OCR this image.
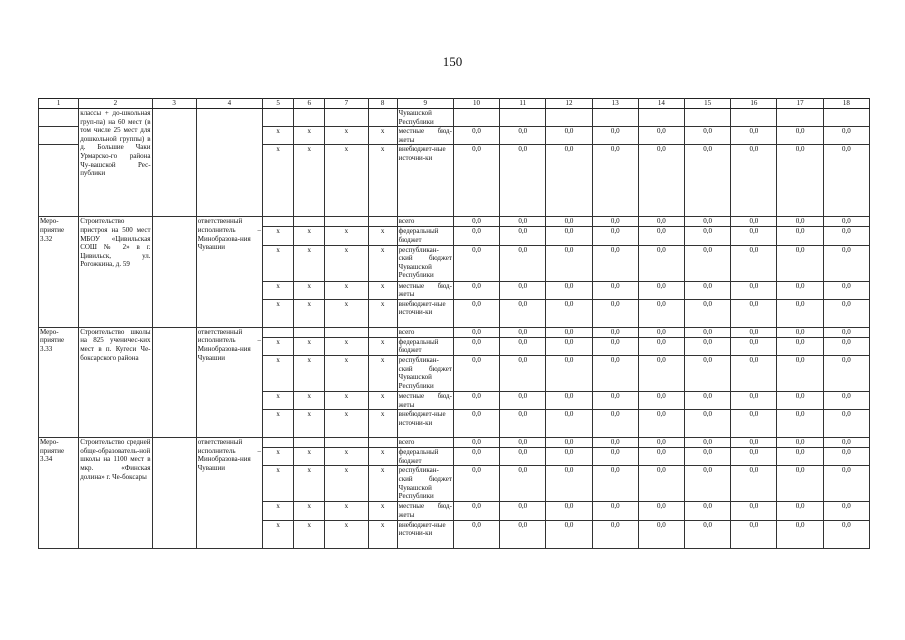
150
1	2	3	4	5	6	7	8	9	10	11	12	13	14	15	16	17	18
	классы + до-школьная груп-па) на 60 мест (в том числе 25 мест для дошкольной группы) в д. Большие Чаки Урмарско-го района Чу-вашской Рес-публики							Чувашской Республики									
				x	x	x	x	местные бюд-жеты	0,0	0,0	0,0	0,0	0,0	0,0	0,0	0,0	0,0
				x	x	x	x	внебюджет-ные источни-ки	0,0	0,0	0,0	0,0	0,0	0,0	0,0	0,0	0,0
Меро-приятие 3.32	Строительство пристроя на 500 мест МБОУ «Цивильская СОШ № 2» в г. Цивильск, ул. Рогожкина, д. 59		ответственный исполнитель – Минобразова-ния Чувашии					всего	0,0	0,0	0,0	0,0	0,0	0,0	0,0	0,0	0,0
				x	x	x	x	федеральный бюджет	0,0	0,0	0,0	0,0	0,0	0,0	0,0	0,0	0,0
				x	x	x	x	республикан-ский бюджет Чувашской Республики	0,0	0,0	0,0	0,0	0,0	0,0	0,0	0,0	0,0
				x	x	x	x	местные бюд-жеты	0,0	0,0	0,0	0,0	0,0	0,0	0,0	0,0	0,0
				x	x	x	x	внебюджет-ные источни-ки	0,0	0,0	0,0	0,0	0,0	0,0	0,0	0,0	0,0
Меро-приятие 3.33	Строительство школы на 825 ученичес-ких мест в п. Кугеси Че-боксарского района		ответственный исполнитель – Минобразова-ния Чувашии					всего	0,0	0,0	0,0	0,0	0,0	0,0	0,0	0,0	0,0
				x	x	x	x	федеральный бюджет	0,0	0,0	0,0	0,0	0,0	0,0	0,0	0,0	0,0
				x	x	x	x	республикан-ский бюджет Чувашской Республики	0,0	0,0	0,0	0,0	0,0	0,0	0,0	0,0	0,0
				x	x	x	x	местные бюд-жеты	0,0	0,0	0,0	0,0	0,0	0,0	0,0	0,0	0,0
				x	x	x	x	внебюджет-ные источни-ки	0,0	0,0	0,0	0,0	0,0	0,0	0,0	0,0	0,0
Меро-приятие 3.34	Строительство средней обще-образователь-ной школы на 1100 мест в мкр. «Финская долина» г. Че-боксары		ответственный исполнитель – Минобразова-ния Чувашии					всего	0,0	0,0	0,0	0,0	0,0	0,0	0,0	0,0	0,0
				x	x	x	x	федеральный бюджет	0,0	0,0	0,0	0,0	0,0	0,0	0,0	0,0	0,0
				x	x	x	x	республикан-ский бюджет Чувашской Республики	0,0	0,0	0,0	0,0	0,0	0,0	0,0	0,0	0,0
				x	x	x	x	местные бюд-жеты	0,0	0,0	0,0	0,0	0,0	0,0	0,0	0,0	0,0
				x	x	x	x	внебюджет-ные источни-ки	0,0	0,0	0,0	0,0	0,0	0,0	0,0	0,0	0,0
